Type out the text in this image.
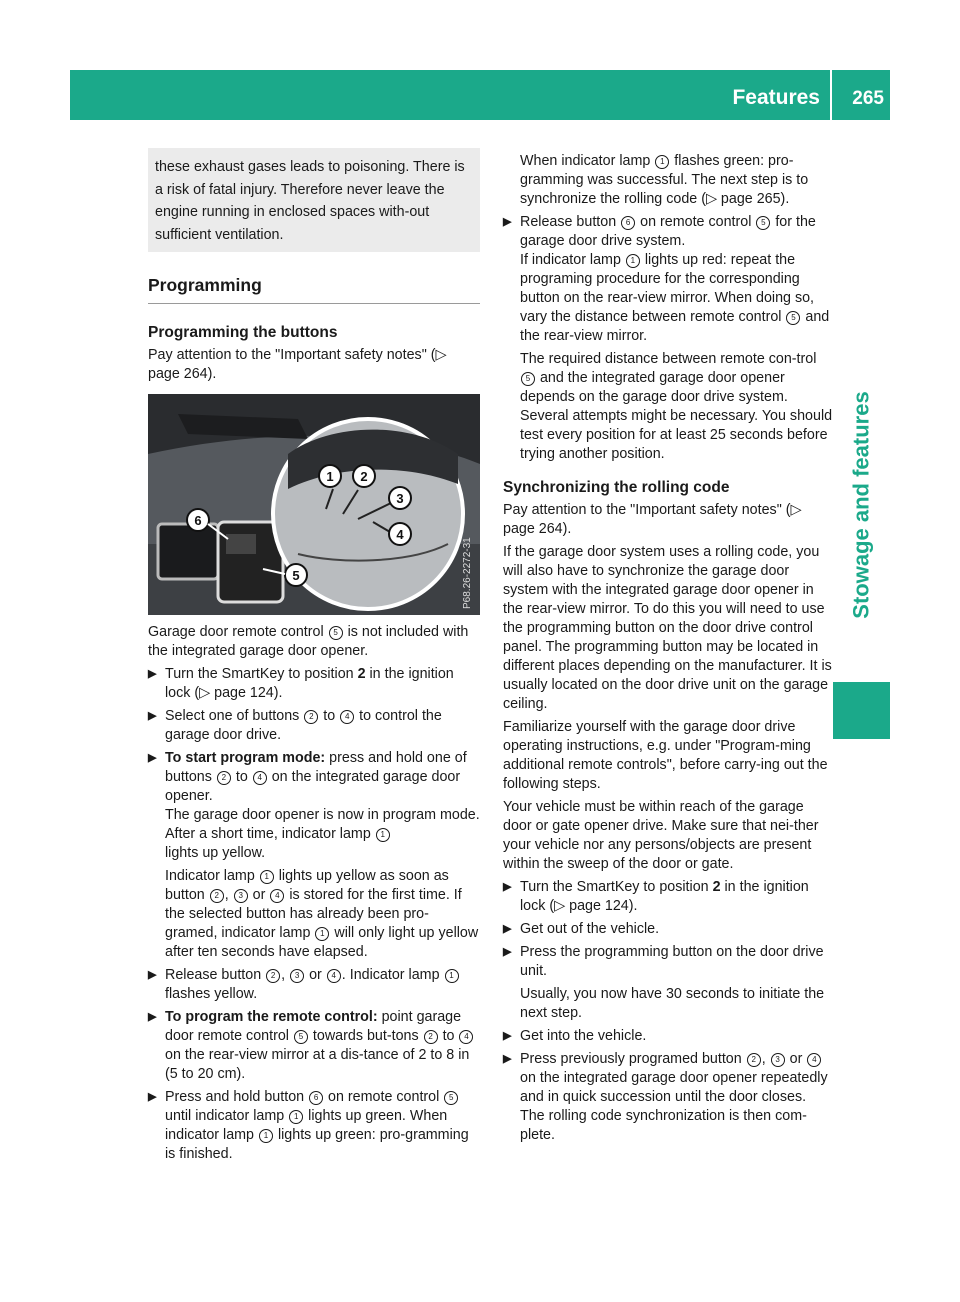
Features 265
Stowage and features
these exhaust gases leads to poisoning. There is a risk of fatal injury. Therefore never leave the engine running in enclosed spaces with-out sufficient ventilation.
Programming
Programming the buttons

Pay attention to the "Important safety notes" (▷ page 264).

1 2
3
4
5
6
P68.26-2272-31

Garage door remote control 5 is not included with the integrated garage door opener.

▶ Turn the SmartKey to position 2 in the ignition lock (▷ page 124).
▶ Select one of buttons 2 to 4 to control the garage door drive.
▶ To start program mode: press and hold one of buttons 2 to 4 on the integrated garage door opener.
The garage door opener is now in program mode. After a short time, indicator lamp 1
lights up yellow.
Indicator lamp 1 lights up yellow as soon as button 2 , 3 or 4 is stored for the first time. If the selected button has already been pro-gramed, indicator lamp 1 will only light up yellow after ten seconds have elapsed.
▶ Release button 2 , 3 or 4 . Indicator lamp 1 flashes yellow.
▶ To program the remote control: point garage door remote control 5 towards but-tons 2 to 4 on the rear-view mirror at a dis-tance of 2 to 8 in (5 to 20 cm).
▶ Press and hold button 6 on remote control 5 until indicator lamp 1 lights up green. When indicator lamp 1 lights up green: pro-gramming is finished.
When indicator lamp 1 flashes green: pro-gramming was successful. The next step is to synchronize the rolling code (▷ page 265).
▶ Release button 6 on remote control 5 for the garage door drive system.
If indicator lamp 1 lights up red: repeat the programing procedure for the corresponding button on the rear-view mirror. When doing so, vary the distance between remote control 5 and the rear-view mirror.
The required distance between remote con-trol 5 and the integrated garage door opener depends on the garage door drive system. Several attempts might be necessary. You should test every position for at least 25 seconds before trying another position.
Synchronizing the rolling code

Pay attention to the "Important safety notes" (▷ page 264).

If the garage door system uses a rolling code, you will also have to synchronize the garage door system with the integrated garage door opener in the rear-view mirror. To do this you will need to use the programming button on the door drive control panel. The programming button may be located in different places depending on the manufacturer. It is usually located on the door drive unit on the garage ceiling.

Familiarize yourself with the garage door drive operating instructions, e.g. under "Program-ming additional remote controls", before carry-ing out the following steps.

Your vehicle must be within reach of the garage door or gate opener drive. Make sure that nei-ther your vehicle nor any persons/objects are present within the sweep of the door or gate.

▶ Turn the SmartKey to position 2 in the ignition lock (▷ page 124).
▶ Get out of the vehicle.
▶ Press the programming button on the door drive unit.
Usually, you now have 30 seconds to initiate the next step.
▶ Get into the vehicle.
▶ Press previously programed button 2 , 3 or 4 on the integrated garage door opener repeatedly and in quick succession until the door closes.
The rolling code synchronization is then com-plete.
